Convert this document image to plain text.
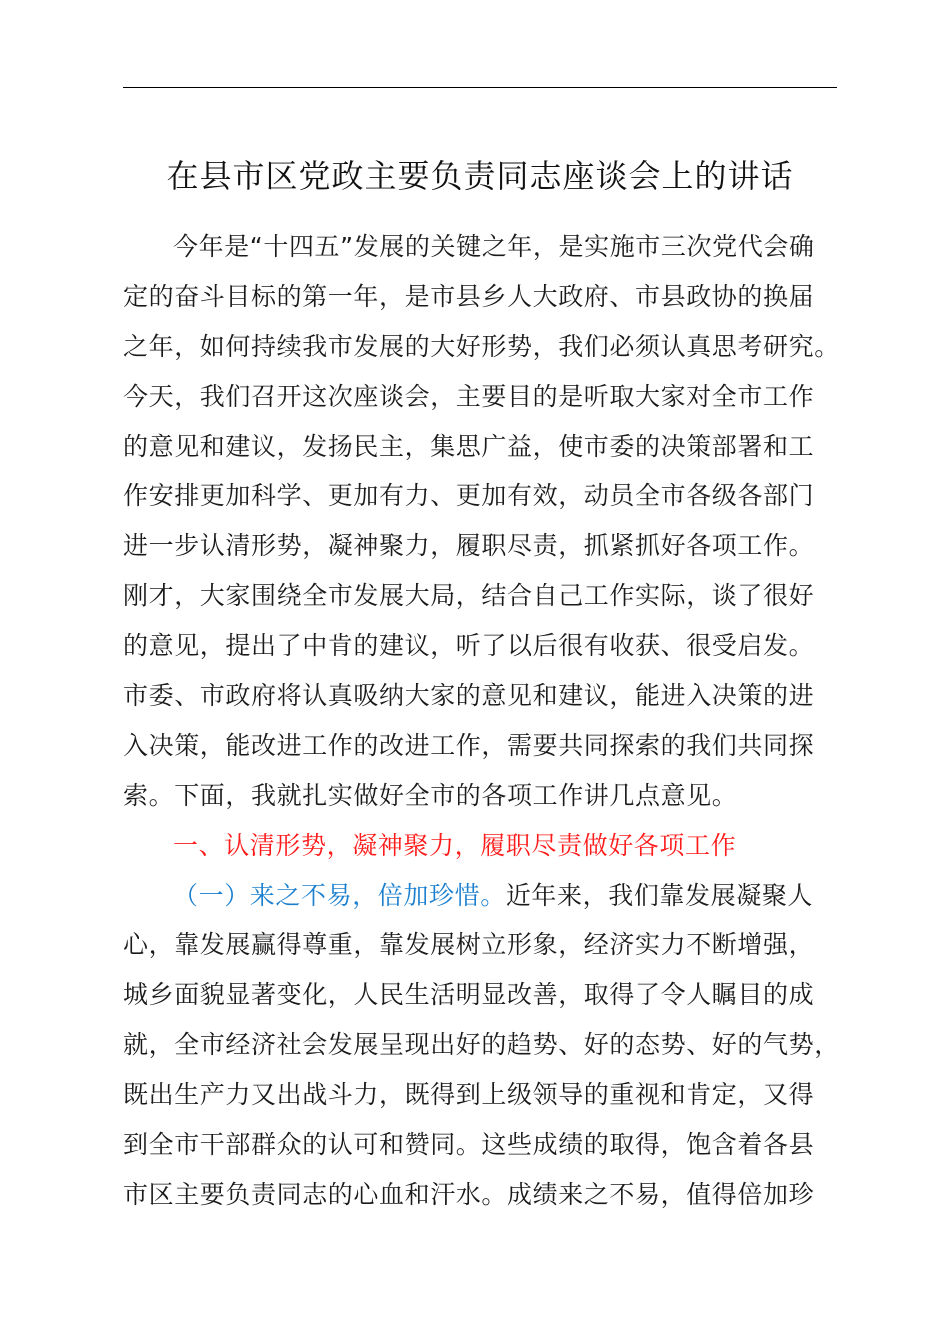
在县市区党政主要负责同志座谈会上的讲话
今年是“十四五”发展的关键之年，是实施市三次党代会确
定的奋斗目标的第一年，是市县乡人大政府、市县政协的换届
之年，如何持续我市发展的大好形势，我们必须认真思考研究。
今天，我们召开这次座谈会，主要目的是听取大家对全市工作
的意见和建议，发扬民主，集思广益，使市委的决策部署和工
作安排更加科学、更加有力、更加有效，动员全市各级各部门
进一步认清形势，凝神聚力，履职尽责，抓紧抓好各项工作。
刚才，大家围绕全市发展大局，结合自己工作实际，谈了很好
的意见，提出了中肯的建议，听了以后很有收获、很受启发。
市委、市政府将认真吸纳大家的意见和建议，能进入决策的进
入决策，能改进工作的改进工作，需要共同探索的我们共同探
索。下面，我就扎实做好全市的各项工作讲几点意见。
一、认清形势，凝神聚力，履职尽责做好各项工作
（一）来之不易，倍加珍惜。近年来，我们靠发展凝聚人
心，靠发展赢得尊重，靠发展树立形象，经济实力不断增强，
城乡面貌显著变化，人民生活明显改善，取得了令人瞩目的成
就，全市经济社会发展呈现出好的趋势、好的态势、好的气势，
既出生产力又出战斗力，既得到上级领导的重视和肯定，又得
到全市干部群众的认可和赞同。这些成绩的取得，饱含着各县
市区主要负责同志的心血和汗水。成绩来之不易，值得倍加珍
